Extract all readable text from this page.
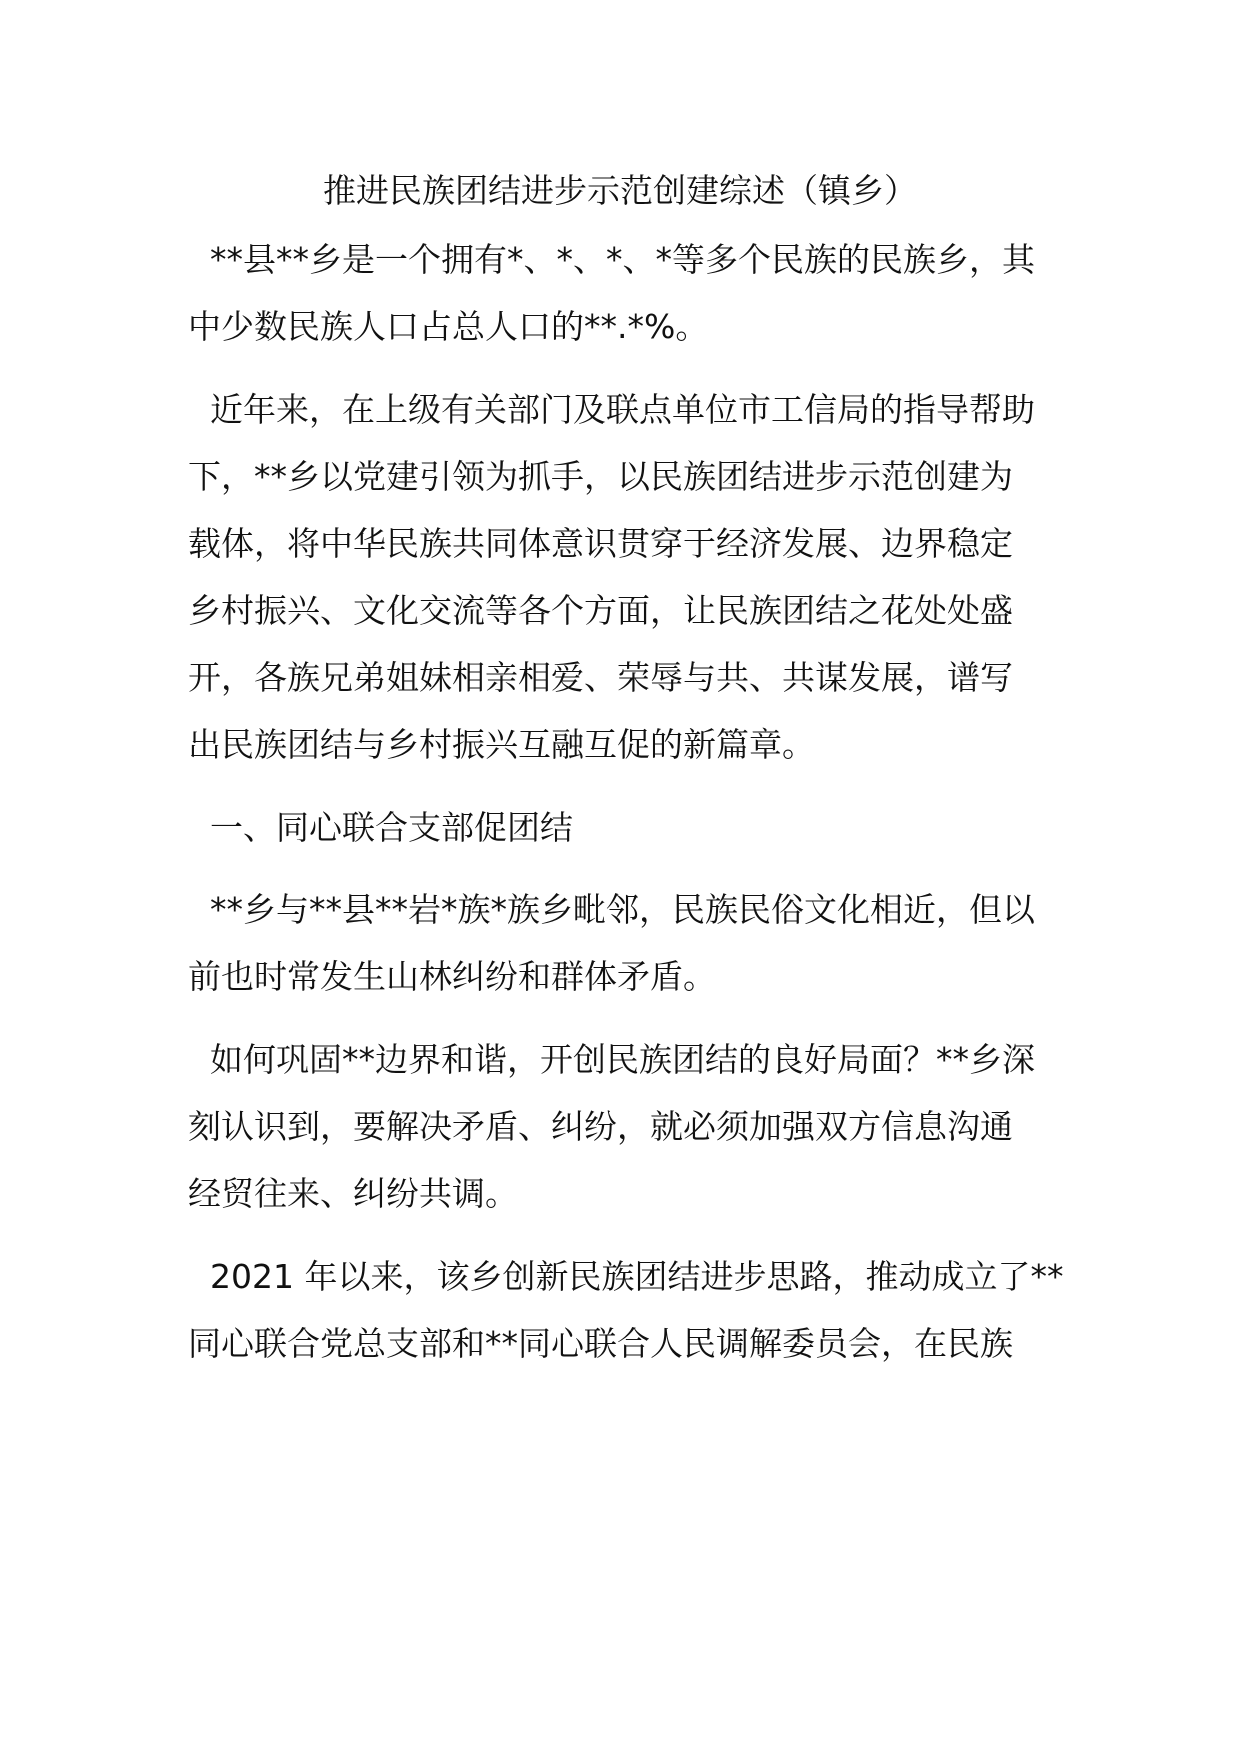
推进民族团结进步示范创建综述（镇乡）
**县**乡是一个拥有*、*、*、*等多个民族的民族乡，其
中少数民族人口占总人口的**.*%。
近年来，在上级有关部门及联点单位市工信局的指导帮助
下，**乡以党建引领为抓手，以民族团结进步示范创建为
载体，将中华民族共同体意识贯穿于经济发展、边界稳定
乡村振兴、文化交流等各个方面，让民族团结之花处处盛
开，各族兄弟姐妹相亲相爱、荣辱与共、共谋发展，谱写
出民族团结与乡村振兴互融互促的新篇章。
一、同心联合支部促团结
**乡与**县**岩*族*族乡毗邻，民族民俗文化相近，但以
前也时常发生山林纠纷和群体矛盾。
如何巩固**边界和谐，开创民族团结的良好局面？**乡深
刻认识到，要解决矛盾、纠纷，就必须加强双方信息沟通
经贸往来、纠纷共调。
2021 年以来，该乡创新民族团结进步思路，推动成立了**
同心联合党总支部和**同心联合人民调解委员会，在民族
